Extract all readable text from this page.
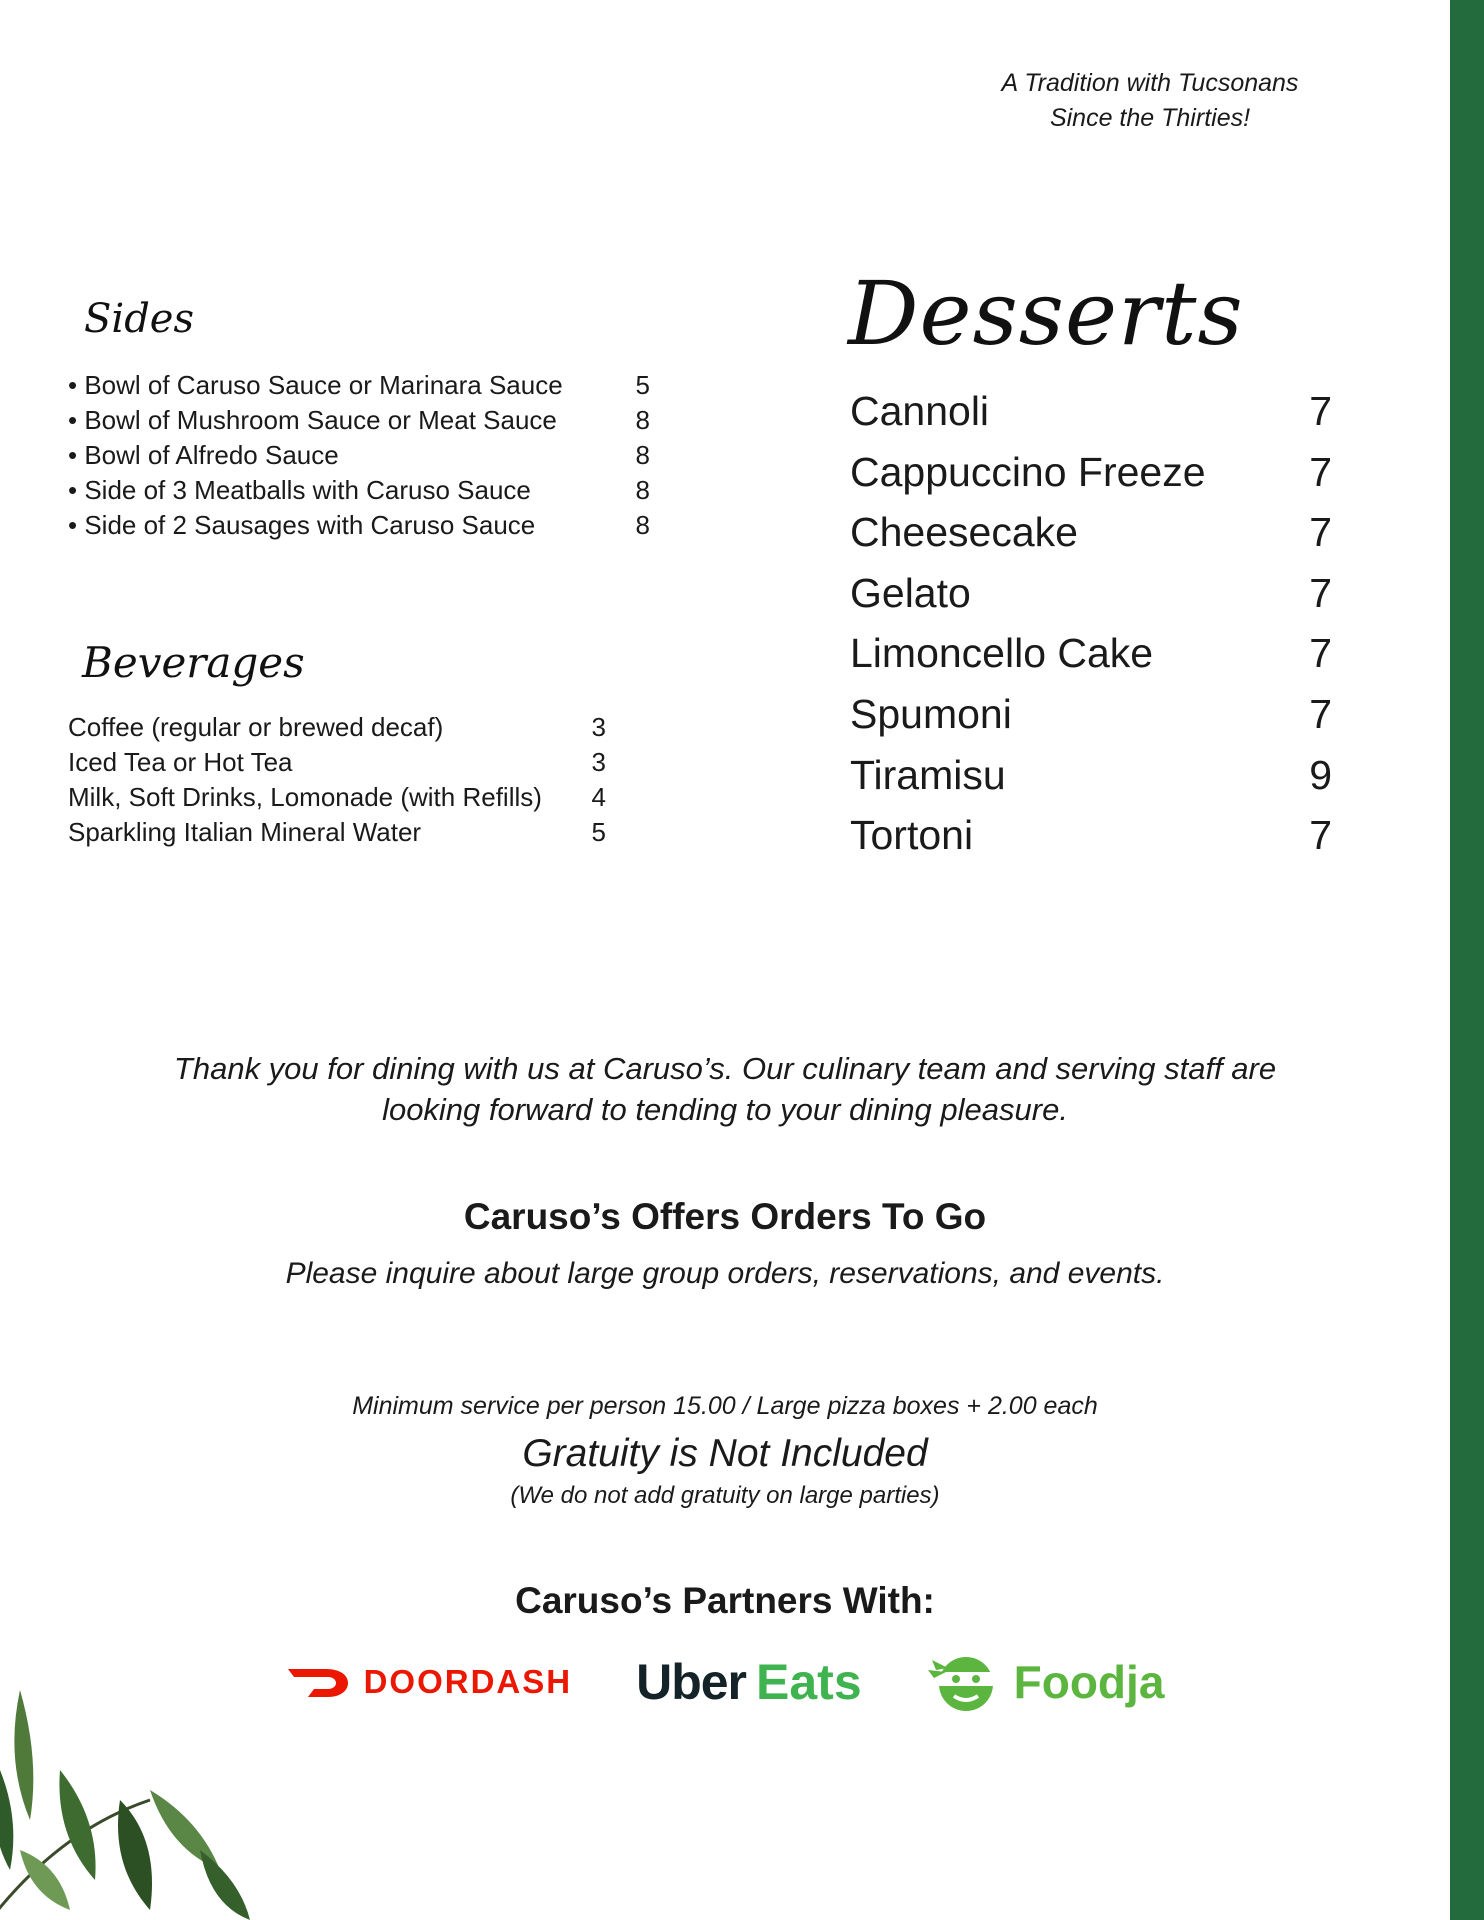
A Tradition with Tucsonans
Since the Thirties!
Sides
• Bowl of Caruso Sauce or Marinara Sauce	5
• Bowl of Mushroom Sauce or Meat Sauce	8
• Bowl of Alfredo Sauce	8
• Side of 3 Meatballs with Caruso Sauce	8
• Side of 2 Sausages with Caruso Sauce	8
Beverages
Coffee (regular or brewed decaf)	3
Iced Tea or Hot Tea	3
Milk, Soft Drinks, Lomonade (with Refills) 4
Sparkling Italian Mineral Water	5
Desserts
Cannoli	7
Cappuccino Freeze	7
Cheesecake	7
Gelato	7
Limoncello Cake	7
Spumoni	7
Tiramisu	9
Tortoni	7
Thank you for dining with us at Caruso’s. Our culinary team and serving staff are looking forward to tending to your dining pleasure.
Caruso’s Offers Orders To Go
Please inquire about large group orders, reservations, and events.
Minimum service per person 15.00 / Large pizza boxes + 2.00 each
Gratuity is Not Included
(We do not add gratuity on large parties)
Caruso’s Partners With:
DOORDASH Uber Eats	Foodja
